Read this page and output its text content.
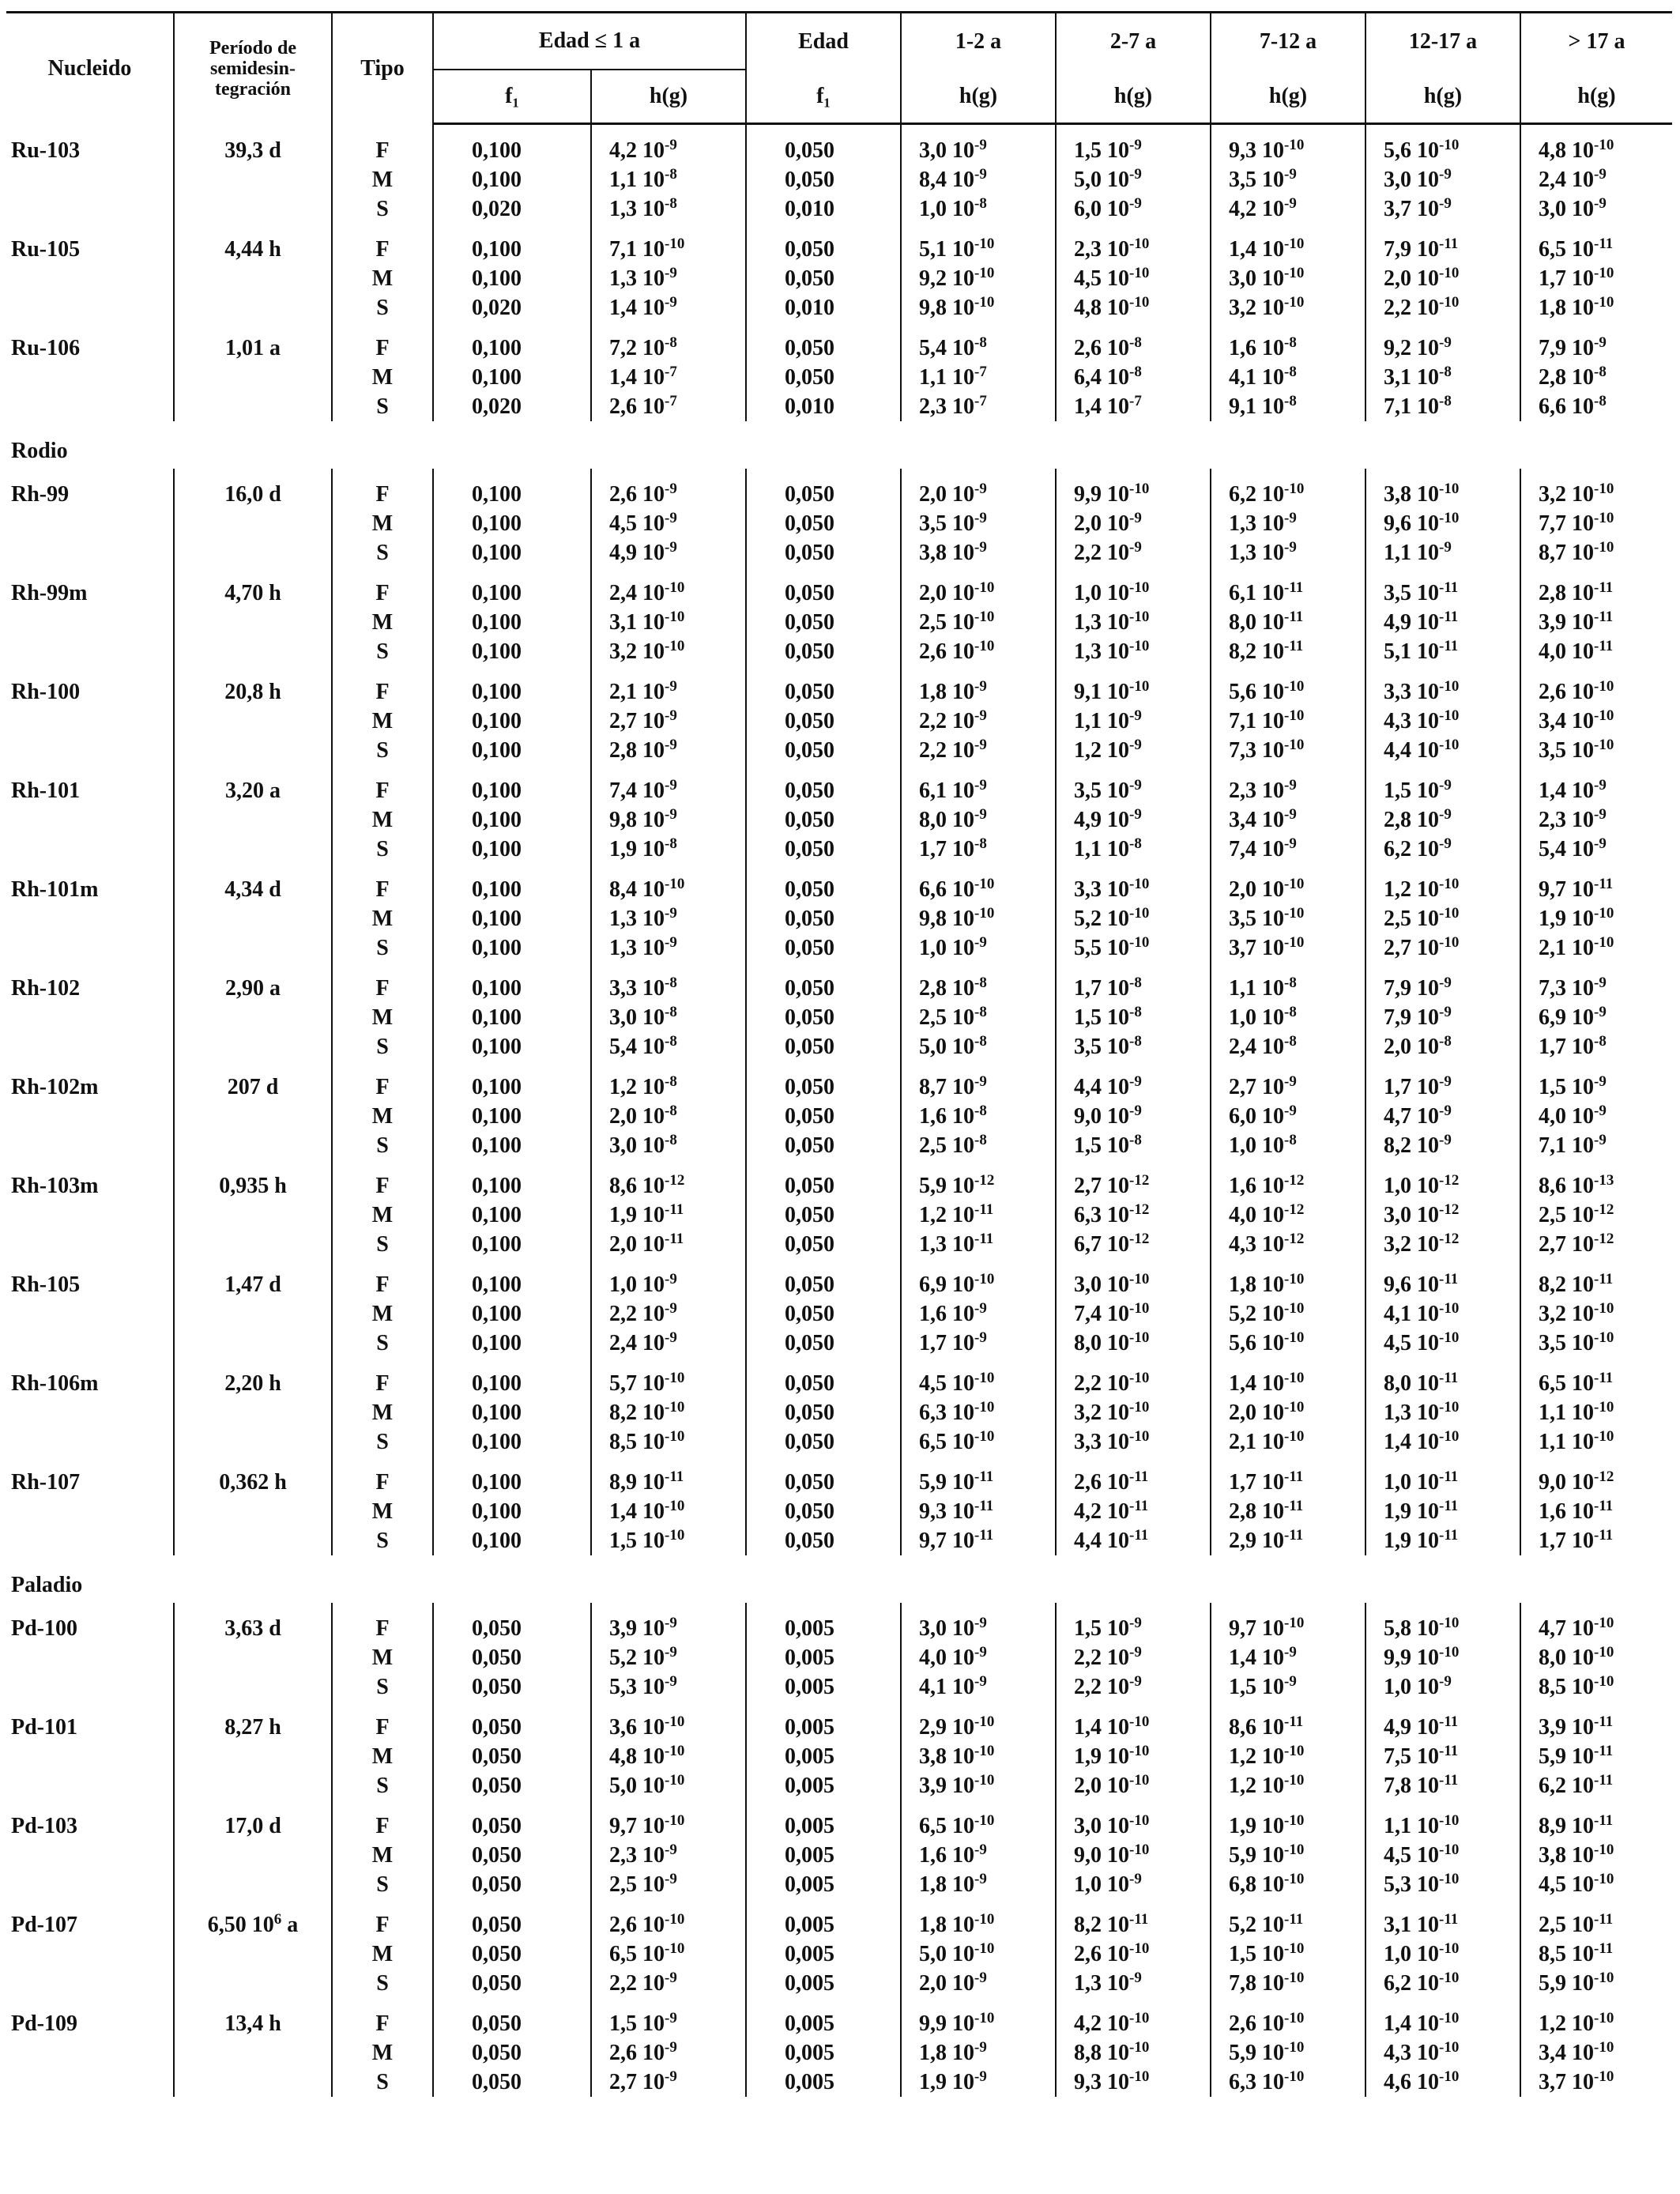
Nucleido	Período de semidesin-tegración	Tipo	Edad ≤ 1 a		Edad	1-2 a	2-7 a	7-12 a	12-17 a	> 17 a
			f₁	h(g)	f₁	h(g)	h(g)	h(g)	h(g)	h(g)

Ru-103	39,3 d	F	0,100	4,2 $10^{-9}$	0,050	3,0 $10^{-9}$	1,5 $10^{-9}$	9,3 $10^{-10}$	5,6 $10^{-10}$	4,8 $10^{-10}$
		M	0,100	1,1 $10^{-8}$	0,050	8,4 $10^{-9}$	5,0 $10^{-9}$	3,5 $10^{-9}$	3,0 $10^{-9}$	2,4 $10^{-9}$
		S	0,020	1,3 $10^{-8}$	0,010	1,0 $10^{-8}$	6,0 $10^{-9}$	4,2 $10^{-9}$	3,7 $10^{-9}$	3,0 $10^{-9}$

Ru-105	4,44 h	F	0,100	7,1 $10^{-10}$	0,050	5,1 $10^{-10}$	2,3 $10^{-10}$	1,4 $10^{-10}$	7,9 $10^{-11}$	6,5 $10^{-11}$
		M	0,100	1,3 $10^{-9}$	0,050	9,2 $10^{-10}$	4,5 $10^{-10}$	3,0 $10^{-10}$	2,0 $10^{-10}$	1,7 $10^{-10}$
		S	0,020	1,4 $10^{-9}$	0,010	9,8 $10^{-10}$	4,8 $10^{-10}$	3,2 $10^{-10}$	2,2 $10^{-10}$	1,8 $10^{-10}$

Ru-106	1,01 a	F	0,100	7,2 $10^{-8}$	0,050	5,4 $10^{-8}$	2,6 $10^{-8}$	1,6 $10^{-8}$	9,2 $10^{-9}$	7,9 $10^{-9}$
		M	0,100	1,4 $10^{-7}$	0,050	1,1 $10^{-7}$	6,4 $10^{-8}$	4,1 $10^{-8}$	3,1 $10^{-8}$	2,8 $10^{-8}$
		S	0,020	2,6 $10^{-7}$	0,010	2,3 $10^{-7}$	1,4 $10^{-7}$	9,1 $10^{-8}$	7,1 $10^{-8}$	6,6 $10^{-8}$
Rodio										

Rh-99	16,0 d	F	0,100	2,6 $10^{-9}$	0,050	2,0 $10^{-9}$	9,9 $10^{-10}$	6,2 $10^{-10}$	3,8 $10^{-10}$	3,2 $10^{-10}$
		M	0,100	4,5 $10^{-9}$	0,050	3,5 $10^{-9}$	2,0 $10^{-9}$	1,3 $10^{-9}$	9,6 $10^{-10}$	7,7 $10^{-10}$
		S	0,100	4,9 $10^{-9}$	0,050	3,8 $10^{-9}$	2,2 $10^{-9}$	1,3 $10^{-9}$	1,1 $10^{-9}$	8,7 $10^{-10}$

Rh-99m	4,70 h	F	0,100	2,4 $10^{-10}$	0,050	2,0 $10^{-10}$	1,0 $10^{-10}$	6,1 $10^{-11}$	3,5 $10^{-11}$	2,8 $10^{-11}$
		M	0,100	3,1 $10^{-10}$	0,050	2,5 $10^{-10}$	1,3 $10^{-10}$	8,0 $10^{-11}$	4,9 $10^{-11}$	3,9 $10^{-11}$
		S	0,100	3,2 $10^{-10}$	0,050	2,6 $10^{-10}$	1,3 $10^{-10}$	8,2 $10^{-11}$	5,1 $10^{-11}$	4,0 $10^{-11}$

Rh-100	20,8 h	F	0,100	2,1 $10^{-9}$	0,050	1,8 $10^{-9}$	9,1 $10^{-10}$	5,6 $10^{-10}$	3,3 $10^{-10}$	2,6 $10^{-10}$
		M	0,100	2,7 $10^{-9}$	0,050	2,2 $10^{-9}$	1,1 $10^{-9}$	7,1 $10^{-10}$	4,3 $10^{-10}$	3,4 $10^{-10}$
		S	0,100	2,8 $10^{-9}$	0,050	2,2 $10^{-9}$	1,2 $10^{-9}$	7,3 $10^{-10}$	4,4 $10^{-10}$	3,5 $10^{-10}$

Rh-101	3,20 a	F	0,100	7,4 $10^{-9}$	0,050	6,1 $10^{-9}$	3,5 $10^{-9}$	2,3 $10^{-9}$	1,5 $10^{-9}$	1,4 $10^{-9}$
		M	0,100	9,8 $10^{-9}$	0,050	8,0 $10^{-9}$	4,9 $10^{-9}$	3,4 $10^{-9}$	2,8 $10^{-9}$	2,3 $10^{-9}$
		S	0,100	1,9 $10^{-8}$	0,050	1,7 $10^{-8}$	1,1 $10^{-8}$	7,4 $10^{-9}$	6,2 $10^{-9}$	5,4 $10^{-9}$

Rh-101m	4,34 d	F	0,100	8,4 $10^{-10}$	0,050	6,6 $10^{-10}$	3,3 $10^{-10}$	2,0 $10^{-10}$	1,2 $10^{-10}$	9,7 $10^{-11}$
		M	0,100	1,3 $10^{-9}$	0,050	9,8 $10^{-10}$	5,2 $10^{-10}$	3,5 $10^{-10}$	2,5 $10^{-10}$	1,9 $10^{-10}$
		S	0,100	1,3 $10^{-9}$	0,050	1,0 $10^{-9}$	5,5 $10^{-10}$	3,7 $10^{-10}$	2,7 $10^{-10}$	2,1 $10^{-10}$

Rh-102	2,90 a	F	0,100	3,3 $10^{-8}$	0,050	2,8 $10^{-8}$	1,7 $10^{-8}$	1,1 $10^{-8}$	7,9 $10^{-9}$	7,3 $10^{-9}$
		M	0,100	3,0 $10^{-8}$	0,050	2,5 $10^{-8}$	1,5 $10^{-8}$	1,0 $10^{-8}$	7,9 $10^{-9}$	6,9 $10^{-9}$
		S	0,100	5,4 $10^{-8}$	0,050	5,0 $10^{-8}$	3,5 $10^{-8}$	2,4 $10^{-8}$	2,0 $10^{-8}$	1,7 $10^{-8}$

Rh-102m	207 d	F	0,100	1,2 $10^{-8}$	0,050	8,7 $10^{-9}$	4,4 $10^{-9}$	2,7 $10^{-9}$	1,7 $10^{-9}$	1,5 $10^{-9}$
		M	0,100	2,0 $10^{-8}$	0,050	1,6 $10^{-8}$	9,0 $10^{-9}$	6,0 $10^{-9}$	4,7 $10^{-9}$	4,0 $10^{-9}$
		S	0,100	3,0 $10^{-8}$	0,050	2,5 $10^{-8}$	1,5 $10^{-8}$	1,0 $10^{-8}$	8,2 $10^{-9}$	7,1 $10^{-9}$

Rh-103m	0,935 h	F	0,100	8,6 $10^{-12}$	0,050	5,9 $10^{-12}$	2,7 $10^{-12}$	1,6 $10^{-12}$	1,0 $10^{-12}$	8,6 $10^{-13}$
		M	0,100	1,9 $10^{-11}$	0,050	1,2 $10^{-11}$	6,3 $10^{-12}$	4,0 $10^{-12}$	3,0 $10^{-12}$	2,5 $10^{-12}$
		S	0,100	2,0 $10^{-11}$	0,050	1,3 $10^{-11}$	6,7 $10^{-12}$	4,3 $10^{-12}$	3,2 $10^{-12}$	2,7 $10^{-12}$

Rh-105	1,47 d	F	0,100	1,0 $10^{-9}$	0,050	6,9 $10^{-10}$	3,0 $10^{-10}$	1,8 $10^{-10}$	9,6 $10^{-11}$	8,2 $10^{-11}$
		M	0,100	2,2 $10^{-9}$	0,050	1,6 $10^{-9}$	7,4 $10^{-10}$	5,2 $10^{-10}$	4,1 $10^{-10}$	3,2 $10^{-10}$
		S	0,100	2,4 $10^{-9}$	0,050	1,7 $10^{-9}$	8,0 $10^{-10}$	5,6 $10^{-10}$	4,5 $10^{-10}$	3,5 $10^{-10}$

Rh-106m	2,20 h	F	0,100	5,7 $10^{-10}$	0,050	4,5 $10^{-10}$	2,2 $10^{-10}$	1,4 $10^{-10}$	8,0 $10^{-11}$	6,5 $10^{-11}$
		M	0,100	8,2 $10^{-10}$	0,050	6,3 $10^{-10}$	3,2 $10^{-10}$	2,0 $10^{-10}$	1,3 $10^{-10}$	1,1 $10^{-10}$
		S	0,100	8,5 $10^{-10}$	0,050	6,5 $10^{-10}$	3,3 $10^{-10}$	2,1 $10^{-10}$	1,4 $10^{-10}$	1,1 $10^{-10}$

Rh-107	0,362 h	F	0,100	8,9 $10^{-11}$	0,050	5,9 $10^{-11}$	2,6 $10^{-11}$	1,7 $10^{-11}$	1,0 $10^{-11}$	9,0 $10^{-12}$
		M	0,100	1,4 $10^{-10}$	0,050	9,3 $10^{-11}$	4,2 $10^{-11}$	2,8 $10^{-11}$	1,9 $10^{-11}$	1,6 $10^{-11}$
		S	0,100	1,5 $10^{-10}$	0,050	9,7 $10^{-11}$	4,4 $10^{-11}$	2,9 $10^{-11}$	1,9 $10^{-11}$	1,7 $10^{-11}$
Paladio										

Pd-100	3,63 d	F	0,050	3,9 $10^{-9}$	0,005	3,0 $10^{-9}$	1,5 $10^{-9}$	9,7 $10^{-10}$	5,8 $10^{-10}$	4,7 $10^{-10}$
		M	0,050	5,2 $10^{-9}$	0,005	4,0 $10^{-9}$	2,2 $10^{-9}$	1,4 $10^{-9}$	9,9 $10^{-10}$	8,0 $10^{-10}$
		S	0,050	5,3 $10^{-9}$	0,005	4,1 $10^{-9}$	2,2 $10^{-9}$	1,5 $10^{-9}$	1,0 $10^{-9}$	8,5 $10^{-10}$

Pd-101	8,27 h	F	0,050	3,6 $10^{-10}$	0,005	2,9 $10^{-10}$	1,4 $10^{-10}$	8,6 $10^{-11}$	4,9 $10^{-11}$	3,9 $10^{-11}$
		M	0,050	4,8 $10^{-10}$	0,005	3,8 $10^{-10}$	1,9 $10^{-10}$	1,2 $10^{-10}$	7,5 $10^{-11}$	5,9 $10^{-11}$
		S	0,050	5,0 $10^{-10}$	0,005	3,9 $10^{-10}$	2,0 $10^{-10}$	1,2 $10^{-10}$	7,8 $10^{-11}$	6,2 $10^{-11}$

Pd-103	17,0 d	F	0,050	9,7 $10^{-10}$	0,005	6,5 $10^{-10}$	3,0 $10^{-10}$	1,9 $10^{-10}$	1,1 $10^{-10}$	8,9 $10^{-11}$
		M	0,050	2,3 $10^{-9}$	0,005	1,6 $10^{-9}$	9,0 $10^{-10}$	5,9 $10^{-10}$	4,5 $10^{-10}$	3,8 $10^{-10}$
		S	0,050	2,5 $10^{-9}$	0,005	1,8 $10^{-9}$	1,0 $10^{-9}$	6,8 $10^{-10}$	5,3 $10^{-10}$	4,5 $10^{-10}$

Pd-107	6,50 $10^6$ a	F	0,050	2,6 $10^{-10}$	0,005	1,8 $10^{-10}$	8,2 $10^{-11}$	5,2 $10^{-11}$	3,1 $10^{-11}$	2,5 $10^{-11}$
		M	0,050	6,5 $10^{-10}$	0,005	5,0 $10^{-10}$	2,6 $10^{-10}$	1,5 $10^{-10}$	1,0 $10^{-10}$	8,5 $10^{-11}$
		S	0,050	2,2 $10^{-9}$	0,005	2,0 $10^{-9}$	1,3 $10^{-9}$	7,8 $10^{-10}$	6,2 $10^{-10}$	5,9 $10^{-10}$

Pd-109	13,4 h	F	0,050	1,5 $10^{-9}$	0,005	9,9 $10^{-10}$	4,2 $10^{-10}$	2,6 $10^{-10}$	1,4 $10^{-10}$	1,2 $10^{-10}$
		M	0,050	2,6 $10^{-9}$	0,005	1,8 $10^{-9}$	8,8 $10^{-10}$	5,9 $10^{-10}$	4,3 $10^{-10}$	3,4 $10^{-10}$
		S	0,050	2,7 $10^{-9}$	0,005	1,9 $10^{-9}$	9,3 $10^{-10}$	6,3 $10^{-10}$	4,6 $10^{-10}$	3,7 $10^{-10}$
